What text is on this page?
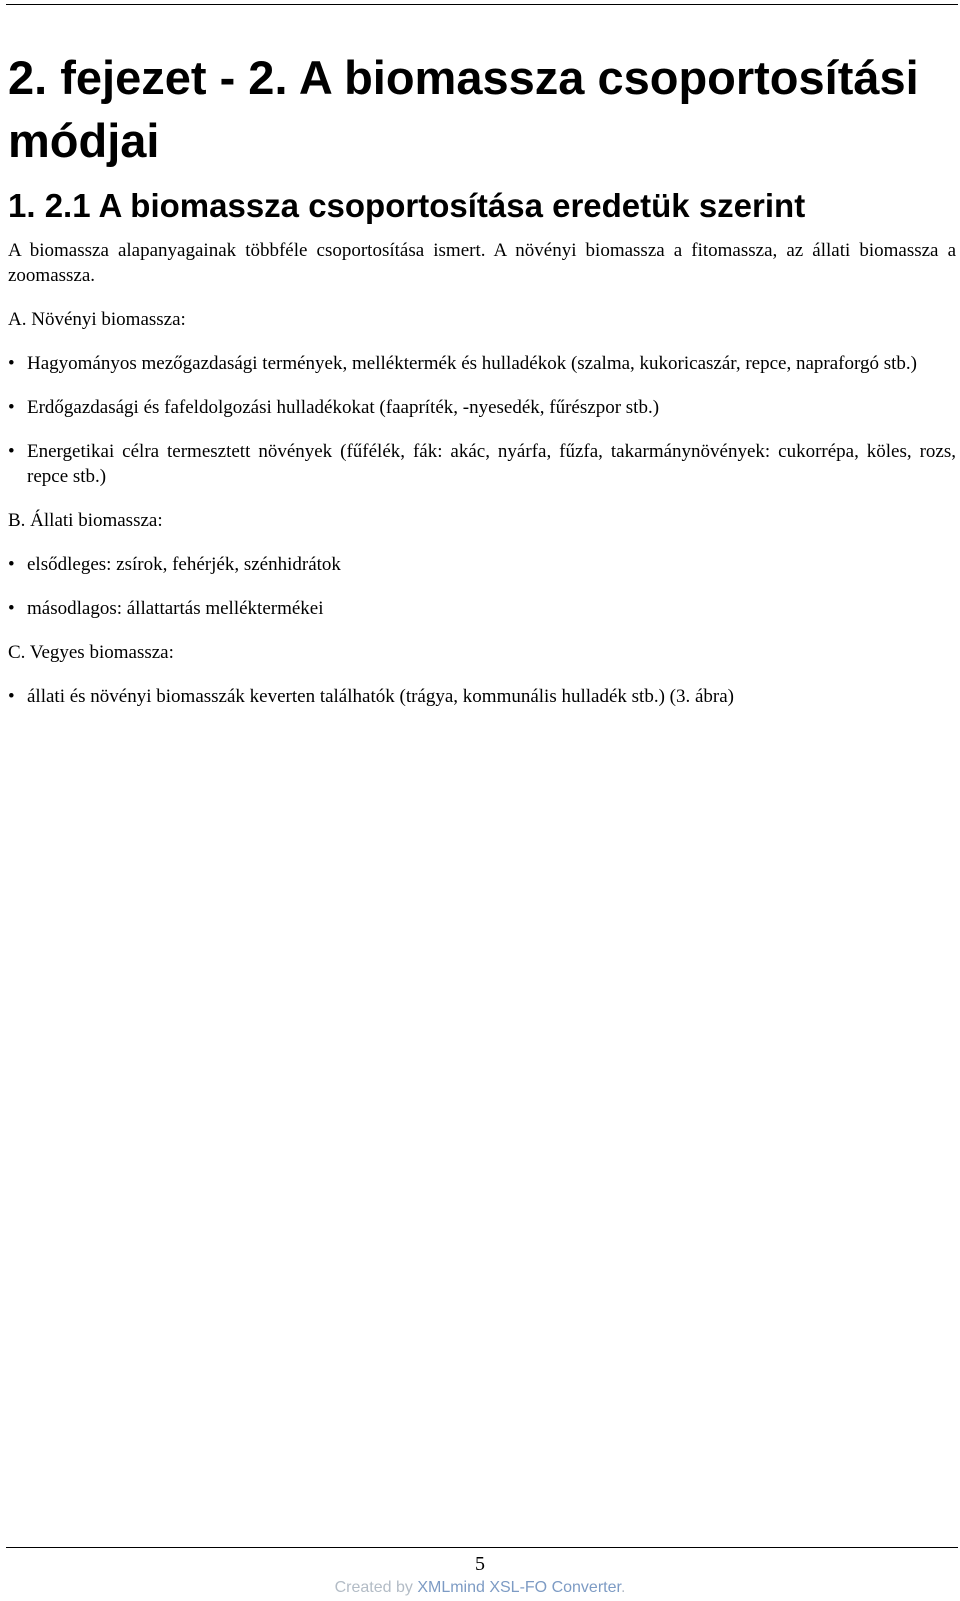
2. fejezet - 2. A biomassza csoportosítási módjai
1. 2.1 A biomassza csoportosítása eredetük szerint

A biomassza alapanyagainak többféle csoportosítása ismert. A növényi biomassza a fitomassza, az állati biomassza a zoomassza.

A. Növényi biomassza:

• Hagyományos mezőgazdasági termények, melléktermék és hulladékok (szalma, kukoricaszár, repce, napraforgó stb.)
• Erdőgazdasági és fafeldolgozási hulladékokat (faapríték, -nyesedék, fűrészpor stb.)
• Energetikai célra termesztett növények (fűfélék, fák: akác, nyárfa, fűzfa, takarmánynövények: cukorrépa, köles, rozs, repce stb.)

B. Állati biomassza:

• elsődleges: zsírok, fehérjék, szénhidrátok
• másodlagos: állattartás melléktermékei

C. Vegyes biomassza:

• állati és növényi biomasszák keverten találhatók (trágya, kommunális hulladék stb.) (3. ábra)
5
Created by XMLmind XSL-FO Converter.
